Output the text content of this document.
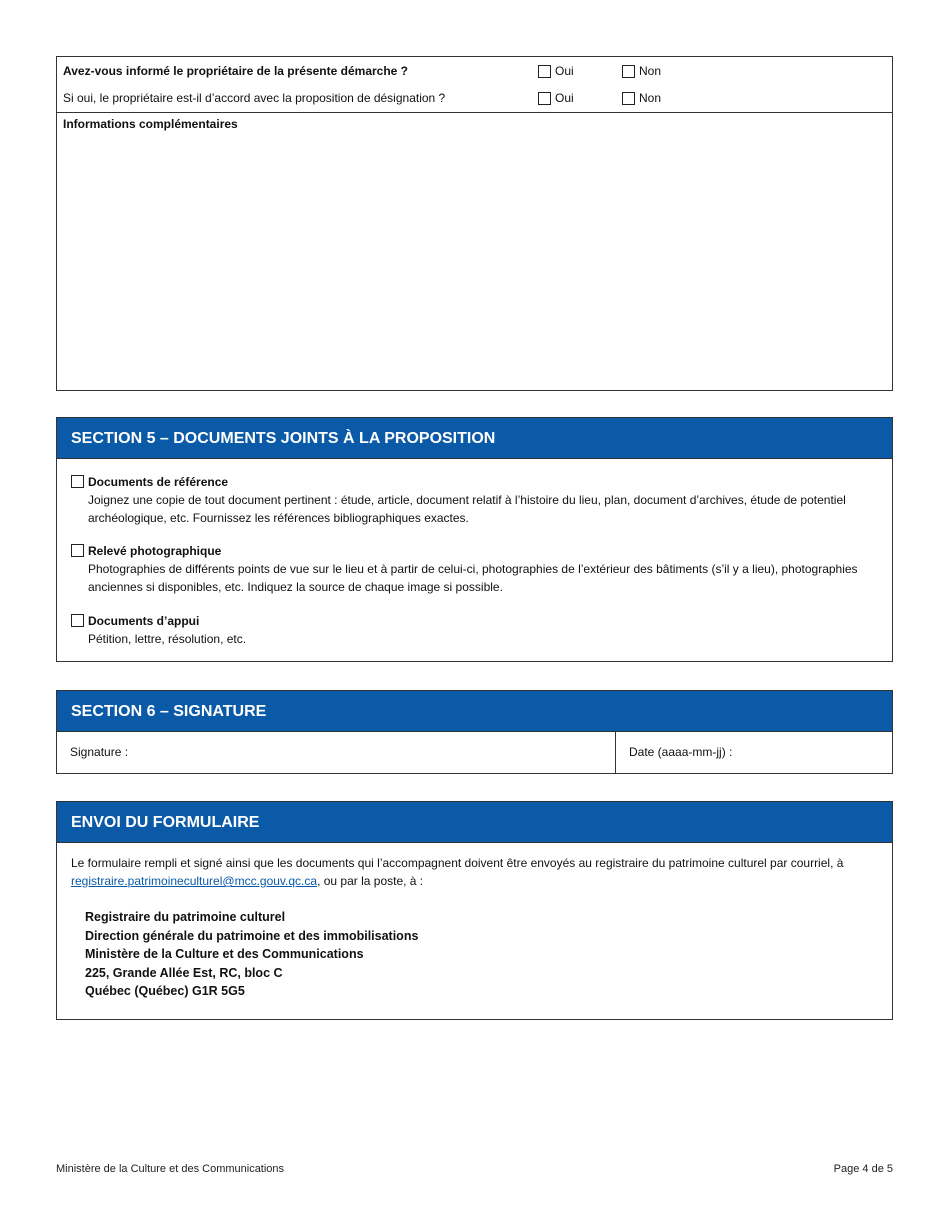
Avez-vous informé le propriétaire de la présente démarche ?	Oui	Non
Si oui, le propriétaire est-il d’accord avec la proposition de désignation ?	Oui	Non
Informations complémentaires
SECTION 5 – DOCUMENTS JOINTS À LA PROPOSITION
Documents de référence
Joignez une copie de tout document pertinent : étude, article, document relatif à l’histoire du lieu, plan, document d’archives, étude de potentiel archéologique, etc. Fournissez les références bibliographiques exactes.
Relevé photographique
Photographies de différents points de vue sur le lieu et à partir de celui-ci, photographies de l’extérieur des bâtiments (s’il y a lieu), photographies anciennes si disponibles, etc. Indiquez la source de chaque image si possible.
Documents d’appui
Pétition, lettre, résolution, etc.
SECTION 6 – SIGNATURE
Signature :	Date (aaaa-mm-jj) :
ENVOI DU FORMULAIRE
Le formulaire rempli et signé ainsi que les documents qui l’accompagnent doivent être envoyés au registraire du patrimoine culturel par courriel, à registraire.patrimoineculturel@mcc.gouv.qc.ca, ou par la poste, à :
Registraire du patrimoine culturel
Direction générale du patrimoine et des immobilisations
Ministère de la Culture et des Communications
225, Grande Allée Est, RC, bloc C
Québec (Québec) G1R 5G5
Ministère de la Culture et des Communications	Page 4 de 5
